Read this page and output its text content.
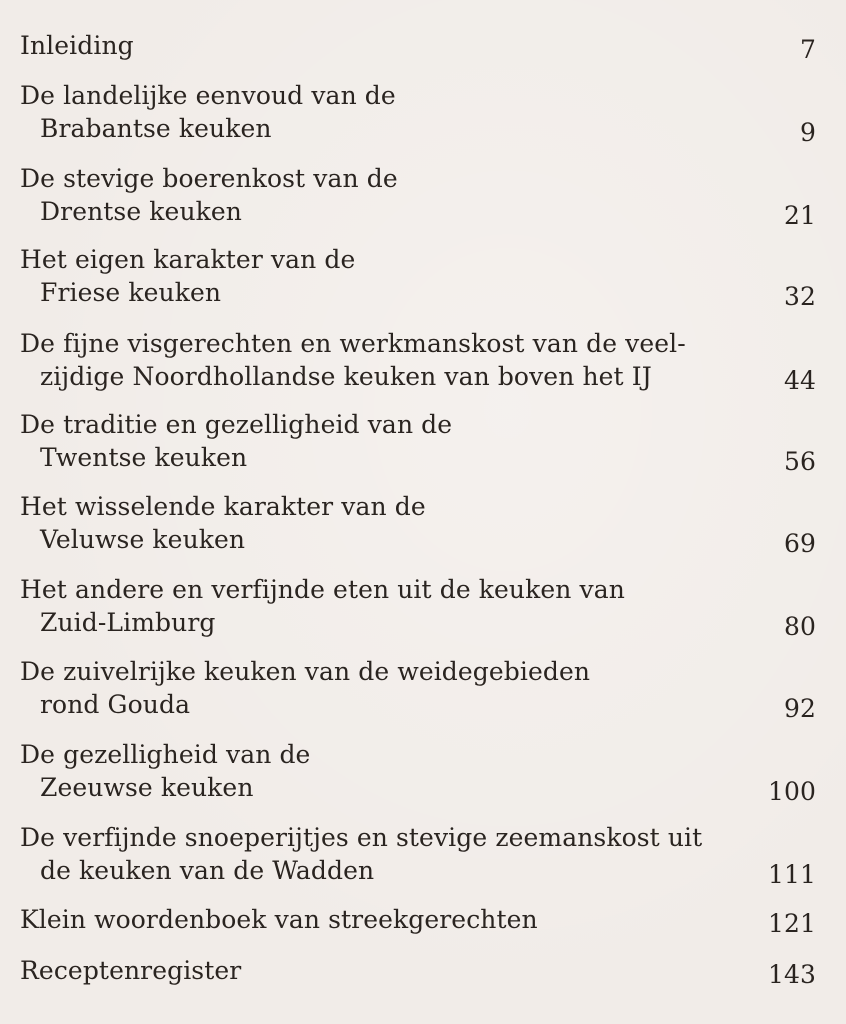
Inleiding	7
De landelijke eenvoud van de
Brabantse keuken	9
De stevige boerenkost van de
Drentse keuken	21
Het eigen karakter van de
Friese keuken	32
De fijne visgerechten en werkmanskost van de veel-
zijdige Noordhollandse keuken van boven het IJ	44
De traditie en gezelligheid van de
Twentse keuken	56
Het wisselende karakter van de
Veluwse keuken	69
Het andere en verfijnde eten uit de keuken van
Zuid-Limburg	80
De zuivelrijke keuken van de weidegebieden
rond Gouda	92
De gezelligheid van de
Zeeuwse keuken	100
De verfijnde snoeperijtjes en stevige zeemanskost uit
de keuken van de Wadden	111
Klein woordenboek van streekgerechten	121
Receptenregister	143
